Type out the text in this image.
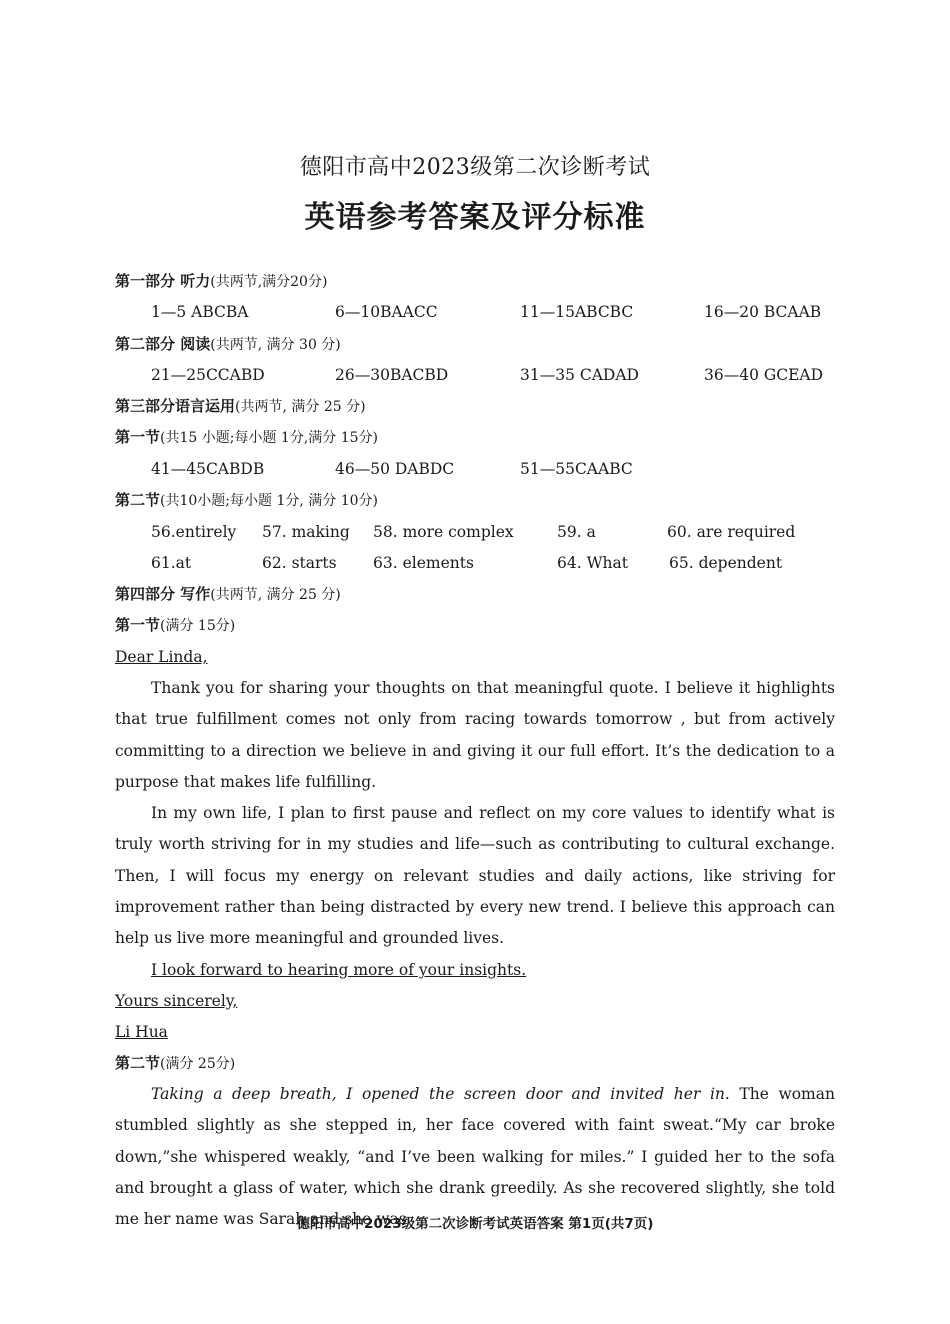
德阳市高中2023级第二次诊断考试
英语参考答案及评分标准
第一部分 听力(共两节,满分20分)
1—5 ABCBA	6—10BAACC	11—15ABCBC	16—20 BCAAB
第二部分 阅读(共两节, 满分 30 分)
21—25CCABD	26—30BACBD	31—35 CADAD	36—40 GCEAD
第三部分语言运用(共两节, 满分 25 分)
第一节(共15 小题;每小题 1分,满分 15分)
41—45CABDB	46—50 DABDC	51—55CAABC
第二节(共10小题;每小题 1分, 满分 10分)
56.entirely 57. making 58. more complex	59. a	60. are required
61.at	62. starts 63. elements	64. What	65. dependent
第四部分 写作(共两节, 满分 25 分)
第一节(满分 15分)
Dear Linda,

Thank you for sharing your thoughts on that meaningful quote. I believe it highlights that true fulfillment comes not only from racing towards tomorrow , but from actively committing to a direction we believe in and giving it our full effort. It’s the dedication to a purpose that makes life fulfilling.

In my own life, I plan to first pause and reflect on my core values to identify what is truly worth striving for in my studies and life—such as contributing to cultural exchange. Then, I will focus my energy on relevant studies and daily actions, like striving for improvement rather than being distracted by every new trend. I believe this approach can help us live more meaningful and grounded lives.

I look forward to hearing more of your insights.
Yours sincerely,
Li Hua
第二节(满分 25分)

Taking a deep breath, I opened the screen door and invited her in. The woman stumbled slightly as she stepped in, her face covered with faint sweat.“My car broke down,”she whispered weakly, “and I’ve been walking for miles.” I guided her to the sofa and brought a glass of water, which she drank greedily. As she recovered slightly, she told me her name was Sarah and she was

德阳市高中2023级第二次诊断考试英语答案 第1页(共7页)
